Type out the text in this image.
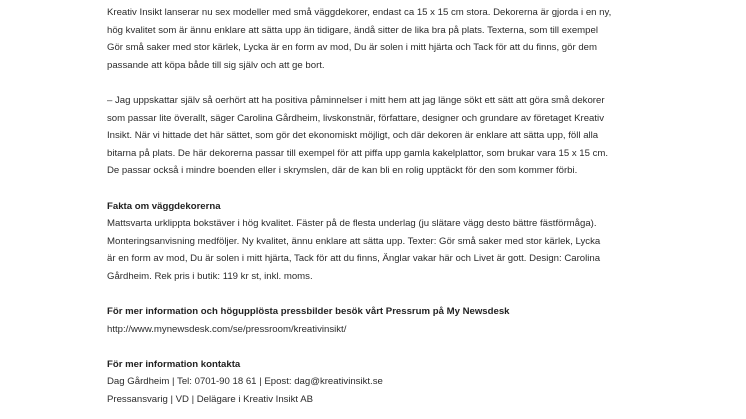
Kreativ Insikt lanserar nu sex modeller med små väggdekorer, endast ca 15 x 15 cm stora. Dekorerna är gjorda i en ny,
hög kvalitet som är ännu enklare att sätta upp än tidigare, ändå sitter de lika bra på plats. Texterna, som till exempel
Gör små saker med stor kärlek, Lycka är en form av mod, Du är solen i mitt hjärta och Tack för att du finns, gör dem
passande att köpa både till sig själv och att ge bort.
– Jag uppskattar själv så oerhört att ha positiva påminnelser i mitt hem att jag länge sökt ett sätt att göra små dekorer
som passar lite överallt, säger Carolina Gårdheim, livskonstnär, författare, designer och grundare av företaget Kreativ
Insikt. När vi hittade det här sättet, som gör det ekonomiskt möjligt, och där dekoren är enklare att sätta upp, föll alla
bitarna på plats. De här dekorerna passar till exempel för att piffa upp gamla kakelplattor, som brukar vara 15 x 15 cm.
De passar också i mindre boenden eller i skrymslen, där de kan bli en rolig upptäckt för den som kommer förbi.
Fakta om väggdekorerna
Mattsvarta urklippta bokstäver i hög kvalitet. Fäster på de flesta underlag (ju slätare vägg desto bättre fästförmåga).
Monteringsanvisning medföljer. Ny kvalitet, ännu enklare att sätta upp. Texter: Gör små saker med stor kärlek, Lycka
är en form av mod, Du är solen i mitt hjärta, Tack för att du finns, Änglar vakar här och Livet är gott. Design: Carolina
Gårdheim. Rek pris i butik: 119 kr st, inkl. moms.
För mer information och högupplösta pressbilder besök vårt Pressrum på My Newsdesk
http://www.mynewsdesk.com/se/pressroom/kreativinsikt/
För mer information kontakta
Dag Gårdheim | Tel: 0701-90 18 61 | Epost: dag@kreativinsikt.se
Pressansvarig | VD | Delägare i Kreativ Insikt AB
